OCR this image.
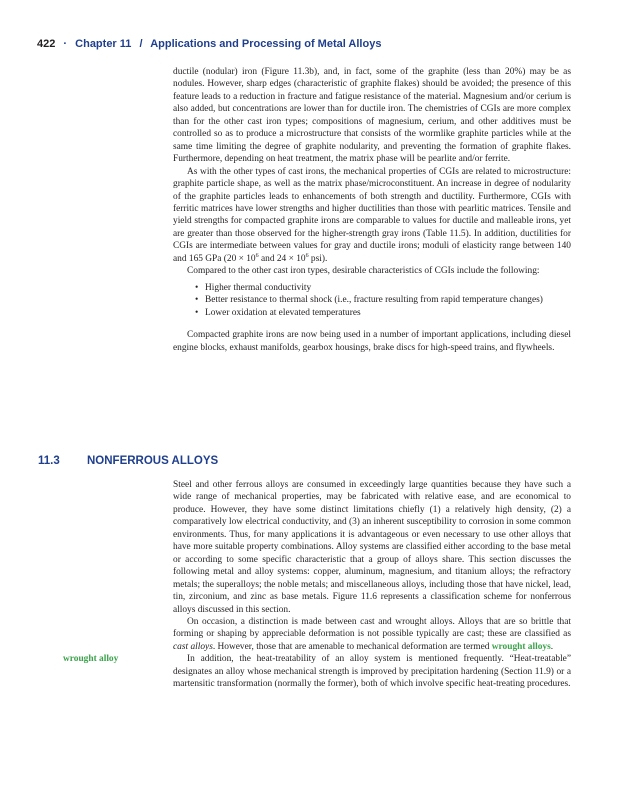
422 · Chapter 11 / Applications and Processing of Metal Alloys

ductile (nodular) iron (Figure 11.3b), and, in fact, some of the graphite (less than 20%) may be as nodules. However, sharp edges (characteristic of graphite flakes) should be avoided; the presence of this feature leads to a reduction in fracture and fatigue resistance of the material. Magnesium and/or cerium is also added, but concentrations are lower than for ductile iron. The chemistries of CGIs are more complex than for the other cast iron types; compositions of magnesium, cerium, and other additives must be controlled so as to produce a microstructure that consists of the wormlike graphite particles while at the same time limiting the degree of graphite nodularity, and preventing the formation of graphite flakes. Furthermore, depending on heat treatment, the matrix phase will be pearlite and/or ferrite.

As with the other types of cast irons, the mechanical properties of CGIs are related to microstructure: graphite particle shape, as well as the matrix phase/microconstituent. An increase in degree of nodularity of the graphite particles leads to enhancements of both strength and ductility. Furthermore, CGIs with ferritic matrices have lower strengths and higher ductilities than those with pearlitic matrices. Tensile and yield strengths for compacted graphite irons are comparable to values for ductile and malleable irons, yet are greater than those observed for the higher-strength gray irons (Table 11.5). In addition, ductilities for CGIs are intermediate between values for gray and ductile irons; moduli of elasticity range between 140 and 165 GPa ($20 \times 10^6$ and $24 \times 10^6$ psi).

Compared to the other cast iron types, desirable characteristics of CGIs include the following:

• Higher thermal conductivity
• Better resistance to thermal shock (i.e., fracture resulting from rapid temperature changes)
• Lower oxidation at elevated temperatures

Compacted graphite irons are now being used in a number of important applications, including diesel engine blocks, exhaust manifolds, gearbox housings, brake discs for high-speed trains, and flywheels.

11.3 NONFERROUS ALLOYS
wrought alloy

Steel and other ferrous alloys are consumed in exceedingly large quantities because they have such a wide range of mechanical properties, may be fabricated with relative ease, and are economical to produce. However, they have some distinct limitations chiefly (1) a relatively high density, (2) a comparatively low electrical conductivity, and (3) an inherent susceptibility to corrosion in some common environments. Thus, for many applications it is advantageous or even necessary to use other alloys that have more suitable property combinations. Alloy systems are classified either according to the base metal or according to some specific characteristic that a group of alloys share. This section discusses the following metal and alloy systems: copper, aluminum, magnesium, and titanium alloys; the refractory metals; the superalloys; the noble metals; and miscellaneous alloys, including those that have nickel, lead, tin, zirconium, and zinc as base metals. Figure 11.6 represents a classification scheme for nonferrous alloys discussed in this section.

On occasion, a distinction is made between cast and wrought alloys. Alloys that are so brittle that forming or shaping by appreciable deformation is not possible typically are cast; these are classified as cast alloys. However, those that are amenable to mechanical deformation are termed wrought alloys.

In addition, the heat-treatability of an alloy system is mentioned frequently. “Heat-treatable” designates an alloy whose mechanical strength is improved by precipitation hardening (Section 11.9) or a martensitic transformation (normally the former), both of which involve specific heat-treating procedures.
